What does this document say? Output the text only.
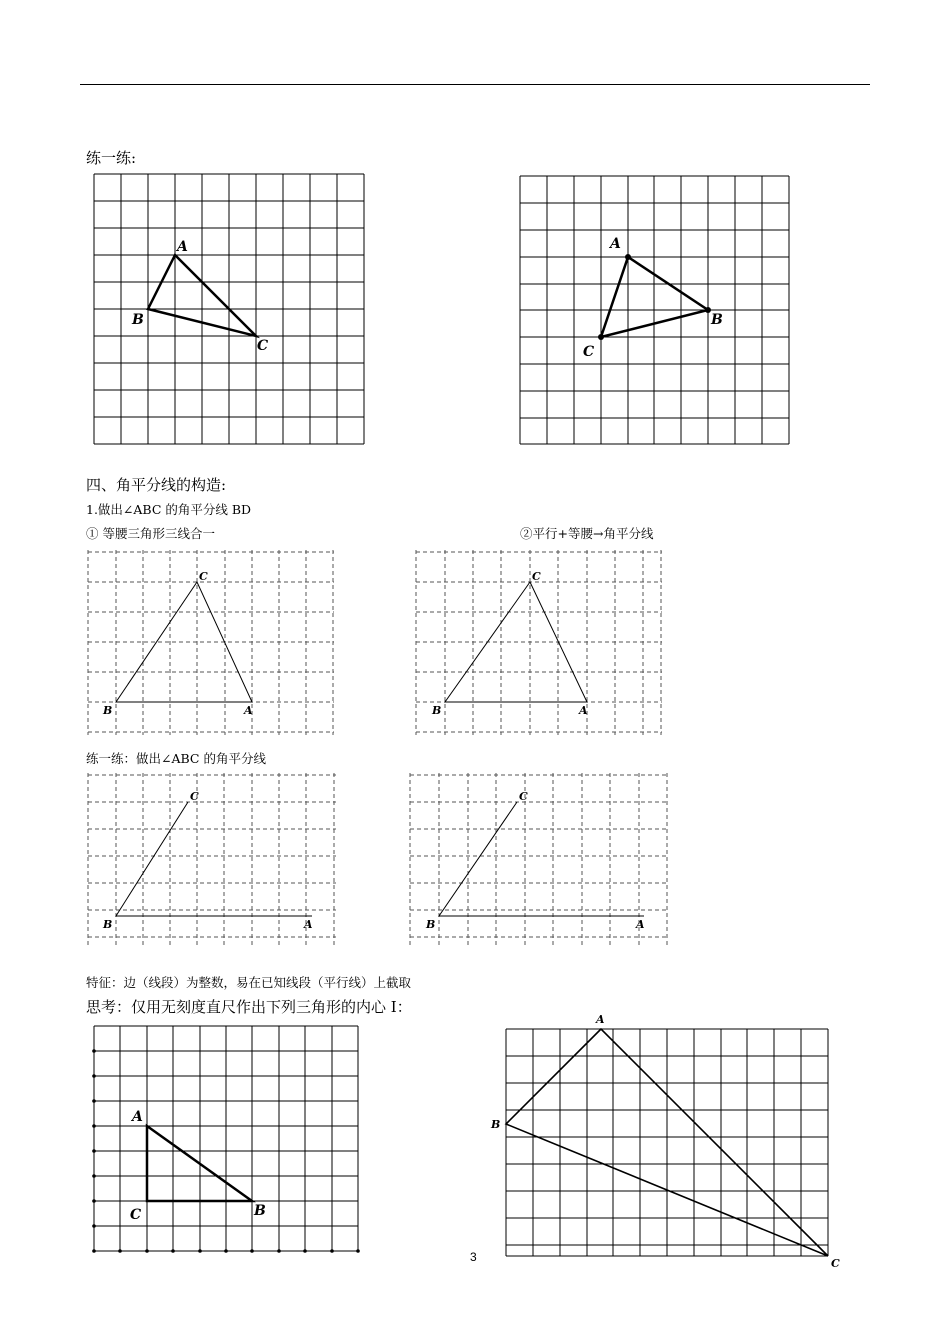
练一练:
A
B
C
A
B
C
四、角平分线的构造:
1.做出∠ABC 的角平分线 BD
① 等腰三角形三线合一	②平行+等腰→角平分线
C
B	A
C
B	A
练一练：做出∠ABC 的角平分线
C
B	A
C
B	A
特征：边（线段）为整数，易在已知线段（平行线）上截取
思考：仅用无刻度直尺作出下列三角形的内心 I：
A
C	B
A
B
C
3
